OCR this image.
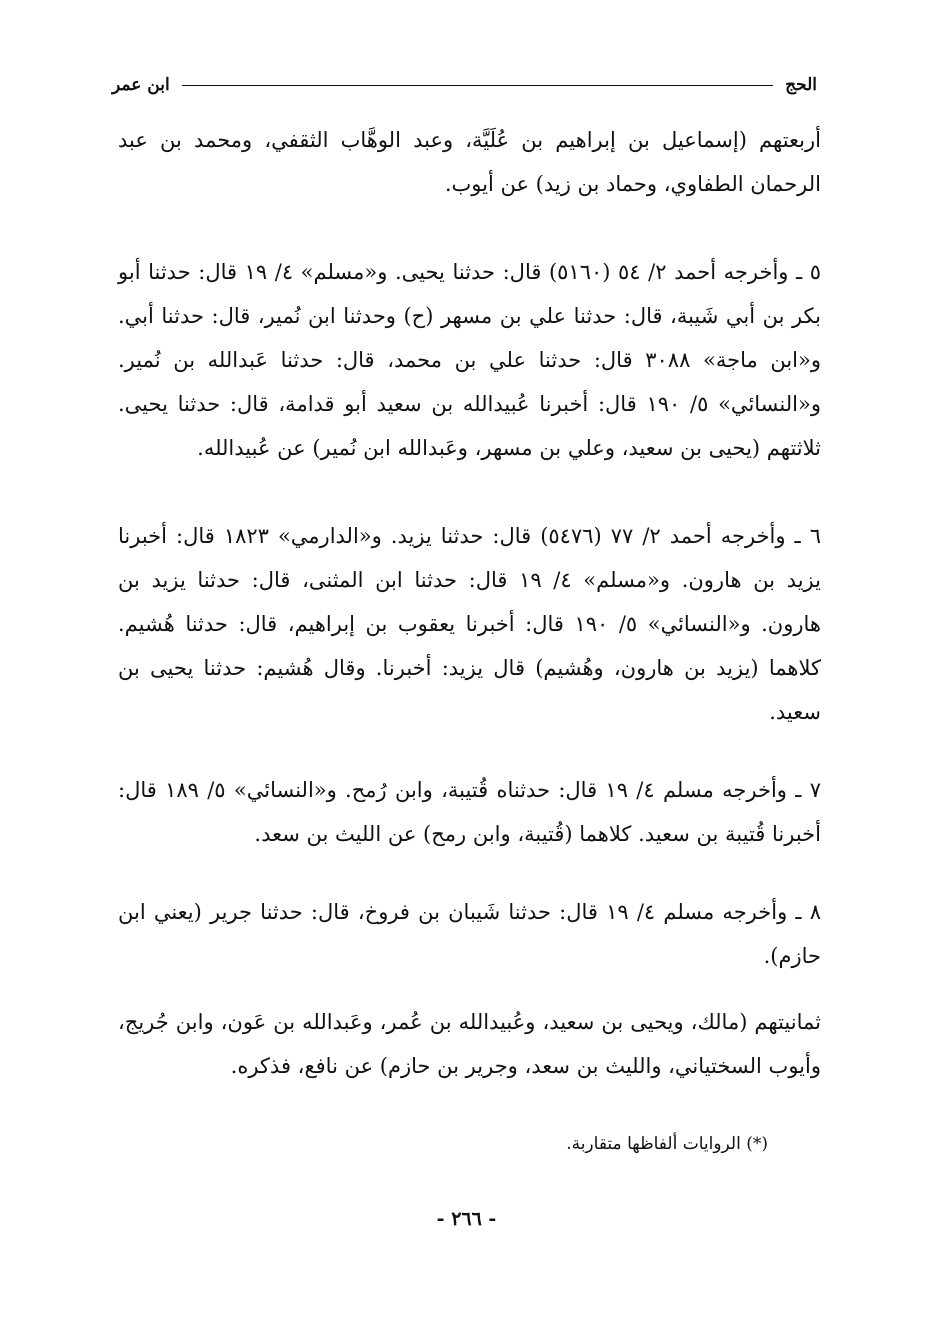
الحج
ابن عمر

أربعتهم (إسماعيل بن إبراهيم بن عُلَيَّة، وعبد الوهَّاب الثقفي، ومحمد بن عبد الرحمان الطفاوي، وحماد بن زيد) عن أيوب.

٥ ـ وأخرجه أحمد ٢/ ٥٤ (٥١٦٠) قال: حدثنا يحيى. و«مسلم» ٤/ ١٩ قال: حدثنا أبو بكر بن أبي شَيبة، قال: حدثنا علي بن مسهر (ح) وحدثنا ابن نُمير، قال: حدثنا أبي. و«ابن ماجة» ٣٠٨٨ قال: حدثنا علي بن محمد، قال: حدثنا عَبدالله بن نُمير. و«النسائي» ٥/ ١٩٠ قال: أخبرنا عُبيدالله بن سعيد أبو قدامة، قال: حدثنا يحيى. ثلاثتهم (يحيى بن سعيد، وعلي بن مسهر، وعَبدالله ابن نُمير) عن عُبيدالله.

٦ ـ وأخرجه أحمد ٢/ ٧٧ (٥٤٧٦) قال: حدثنا يزيد. و«الدارمي» ١٨٢٣ قال: أخبرنا يزيد بن هارون. و«مسلم» ٤/ ١٩ قال: حدثنا ابن المثنى، قال: حدثنا يزيد بن هارون. و«النسائي» ٥/ ١٩٠ قال: أخبرنا يعقوب بن إبراهيم، قال: حدثنا هُشيم. كلاهما (يزيد بن هارون، وهُشيم) قال يزيد: أخبرنا. وقال هُشيم: حدثنا يحيى بن سعيد.

٧ ـ وأخرجه مسلم ٤/ ١٩ قال: حدثناه قُتيبة، وابن رُمح. و«النسائي» ٥/ ١٨٩ قال: أخبرنا قُتيبة بن سعيد. كلاهما (قُتيبة، وابن رمح) عن الليث بن سعد.

٨ ـ وأخرجه مسلم ٤/ ١٩ قال: حدثنا شَيبان بن فروخ، قال: حدثنا جرير (يعني ابن حازم).

ثمانيتهم (مالك، ويحيى بن سعيد، وعُبيدالله بن عُمر، وعَبدالله بن عَون، وابن جُريج، وأيوب السختياني، والليث بن سعد، وجرير بن حازم) عن نافع، فذكره.

(*) الروايات ألفاظها متقاربة.
- ٢٦٦ -
